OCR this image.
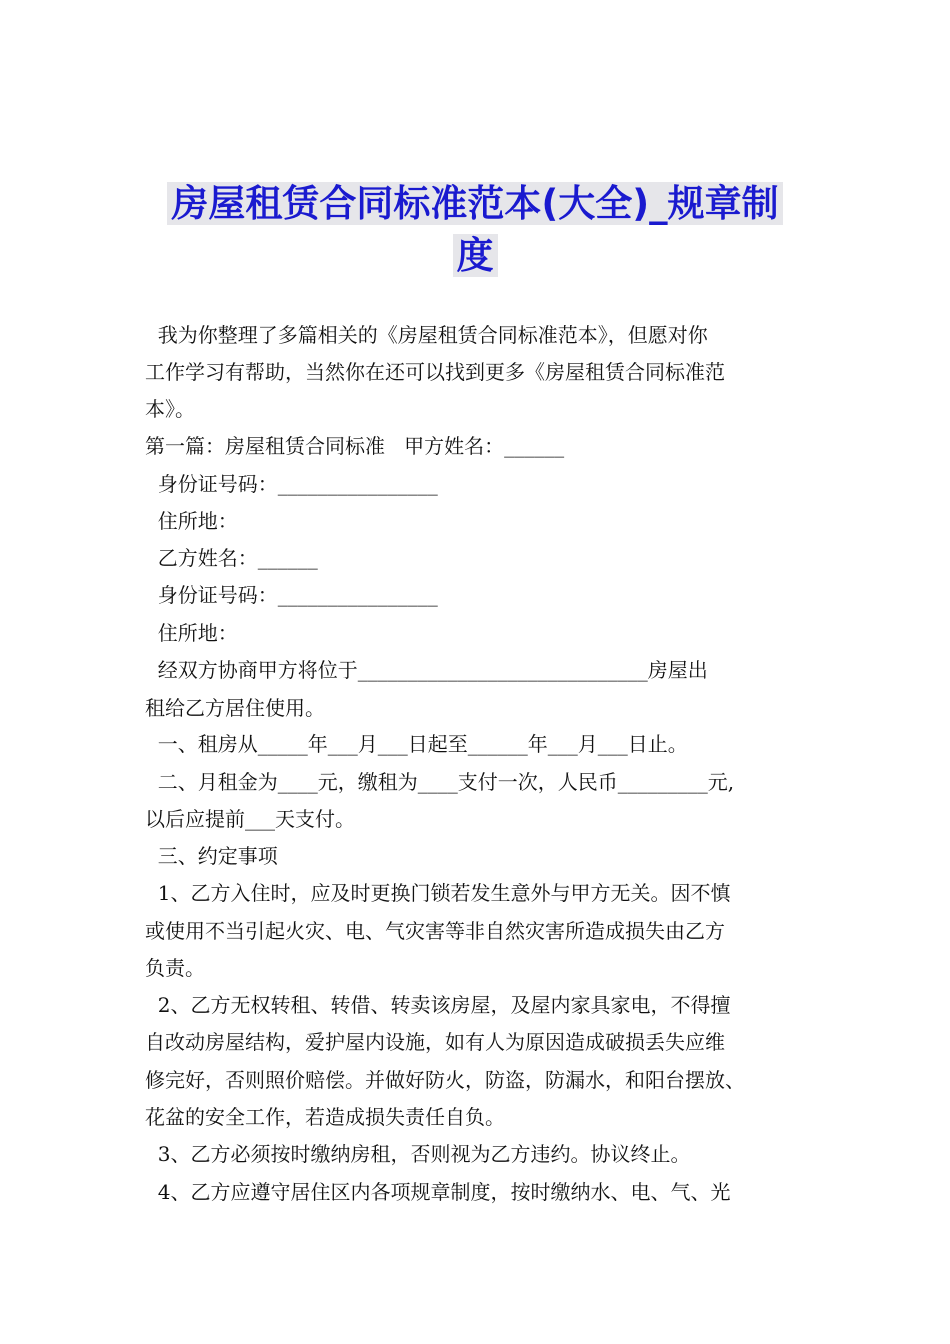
房屋租赁合同标准范本(大全)_规章制
度
我为你整理了多篇相关的《房屋租赁合同标准范本》，但愿对你
工作学习有帮助，当然你在还可以找到更多《房屋租赁合同标准范
本》。
第一篇：房屋租赁合同标准   甲方姓名：______
身份证号码：________________
住所地：
乙方姓名：______
身份证号码：________________
住所地：
经双方协商甲方将位于_____________________________房屋出
租给乙方居住使用。
一、租房从_____年___月___日起至______年___月___日止。
二、月租金为____元，缴租为____支付一次，人民币_________元,
以后应提前___天支付。
三、约定事项
1、乙方入住时，应及时更换门锁若发生意外与甲方无关。因不慎
或使用不当引起火灾、电、气灾害等非自然灾害所造成损失由乙方
负责。
2、乙方无权转租、转借、转卖该房屋，及屋内家具家电，不得擅
自改动房屋结构，爱护屋内设施，如有人为原因造成破损丢失应维
修完好，否则照价赔偿。并做好防火，防盗，防漏水，和阳台摆放、
花盆的安全工作，若造成损失责任自负。
3、乙方必须按时缴纳房租，否则视为乙方违约。协议终止。
4、乙方应遵守居住区内各项规章制度，按时缴纳水、电、气、光
